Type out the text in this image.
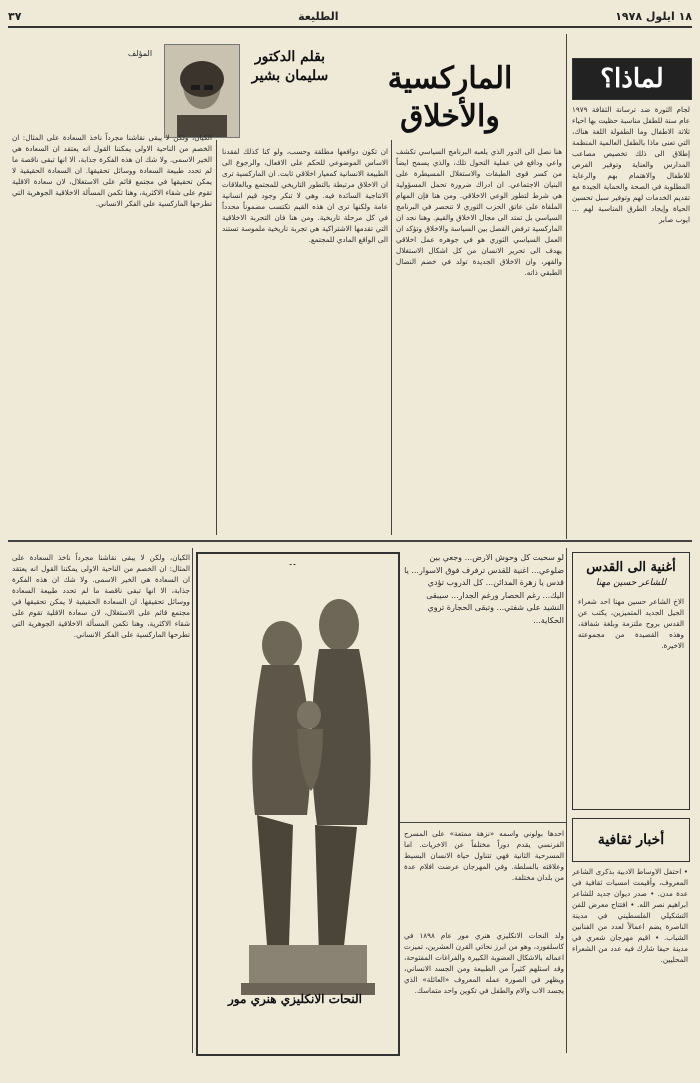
١٨ ايلول ١٩٧٨
الطليعة
٣٧
لماذا؟
لجام الثورة ضد ترسانة الثقافة ١٩٧٩ عام سنة للطفل مناسبة حظيت بها احياء ثلاثة الاطفال وما الطفولة اللغة هناك، التي تعنى ماذا بالطفل العالمية المنظمة إطلاق الى ذلك تخصيص مصاعب المدارس والعناية وتوفير الفرص للاطفال والاهتمام بهم والرعاية المطلوبة في الصحة والحماية الجيدة مع تقديم الخدمات لهم وتوفير سبل تحسين الحياة وإيجاد الطرق المناسبة لهم ... ايوب صابر
الماركسية والأخلاق
بقلم الدكتور سليمان بشير
المؤلف
هنا نصل الى الدور الذي يلعبه البرنامج السياسي تكشف واعي ودافع في عملية التحول تلك، والذي يسمح ايضاً من كسر قوى الطبقات والاستغلال المسيطرة على البنيان الاجتماعي. ان ادراك ضرورة تحمل المسؤولية هي شرط لتطور الوعي الاخلاقي. ومن هنا فإن المهام الملقاة على عاتق الحزب الثوري لا تنحصر في البرنامج السياسي بل تمتد الى مجال الاخلاق والقيم. وهنا نجد ان الماركسية ترفض الفصل بين السياسة والاخلاق وتؤكد ان العمل السياسي الثوري هو في جوهره عمل اخلاقي يهدف الى تحرير الانسان من كل اشكال الاستغلال والقهر، وان الاخلاق الجديدة تولد في خضم النضال الطبقي ذاته.
ان تكون دوافعها مطلقة وحسب، ولو كنا كذلك لفقدنا الاساس الموضوعي للحكم على الافعال، والرجوع الى الطبيعة الانسانية كمعيار اخلاقي ثابت. ان الماركسية ترى ان الاخلاق مرتبطة بالتطور التاريخي للمجتمع وبالعلاقات الانتاجية السائدة فيه. وهي لا تنكر وجود قيم انسانية عامة ولكنها ترى ان هذه القيم تكتسب مضموناً محدداً في كل مرحلة تاريخية. ومن هنا فان التجربة الاخلاقية التي تقدمها الاشتراكية هي تجربة تاريخية ملموسة تستند الى الواقع المادي للمجتمع.
الكيان، ولكن لا يبقى نقاشنا مجرداً ناخذ السعادة على المثال: ان الخصم من الناحية الاولى يمكننا القول انه يعتقد ان السعادة هي الخير الاسمى. ولا شك ان هذه الفكرة جذابة، الا انها تبقى ناقصة ما لم تحدد طبيعة السعادة ووسائل تحقيقها. ان السعادة الحقيقية لا يمكن تحقيقها في مجتمع قائم على الاستغلال، لان سعادة الاقلية تقوم على شقاء الاكثرية، وهنا تكمن المسألة الاخلاقية الجوهرية التي تطرحها الماركسية على الفكر الانساني.
أغنية الى القدس
للشاعر حسين مهنا
الاخ الشاعر حسين مهنا احد شعراء الجيل الجديد المتميزين، يكتب عن القدس بروح ملتزمة وبلغة شفافة، وهذه القصيدة من مجموعته الاخيرة.
لو سحبت كل وحوش الارض... وجعي بين ضلوعي... اغنية للقدس ترفرف فوق الاسوار... يا قدس يا زهرة المدائن... كل الدروب تؤدي اليك... رغم الحصار ورغم الجدار... سيبقى النشيد على شفتي... وتبقى الحجارة تروي الحكاية...
النحات الانكليزي هنري مور
ولد النحات الانكليزي هنري مور عام ١٨٩٨ في كاسلفورد، وهو من ابرز نحاتي القرن العشرين، تميزت اعماله بالاشكال العضوية الكبيرة والفراغات المفتوحة، وقد استلهم كثيراً من الطبيعة ومن الجسد الانساني، ويظهر في الصورة عمله المعروف «العائلة» الذي يجسد الاب والام والطفل في تكوين واحد متماسك.
احدها بولوني واسمه «نزهة ممتعة» على المسرح الفرنسي يقدم دوراً مختلفاً عن الاخريات. اما المسرحية الثانية فهي تتناول حياة الانسان البسيط وعلاقته بالسلطة. وفي المهرجان عرضت افلام عدة من بلدان مختلفة.
أخبار ثقافية
• احتفل الاوساط الادبية بذكرى الشاعر المعروف، وأقيمت امسيات ثقافية في عدة مدن. • صدر ديوان جديد للشاعر ابراهيم نصر الله. • افتتاح معرض للفن التشكيلي الفلسطيني في مدينة الناصرة يضم اعمالاً لعدد من الفنانين الشباب. • اقيم مهرجان شعري في مدينة حيفا شارك فيه عدد من الشعراء المحليين.
الكيان، ولكن لا يبقى نقاشنا مجرداً ناخذ السعادة على المثال: ان الخصم من الناحية الاولى يمكننا القول انه يعتقد ان السعادة هي الخير الاسمى. ولا شك ان هذه الفكرة جذابة، الا انها تبقى ناقصة ما لم تحدد طبيعة السعادة ووسائل تحقيقها. ان السعادة الحقيقية لا يمكن تحقيقها في مجتمع قائم على الاستغلال، لان سعادة الاقلية تقوم على شقاء الاكثرية، وهنا تكمن المسألة الاخلاقية الجوهرية التي تطرحها الماركسية على الفكر الانساني.
